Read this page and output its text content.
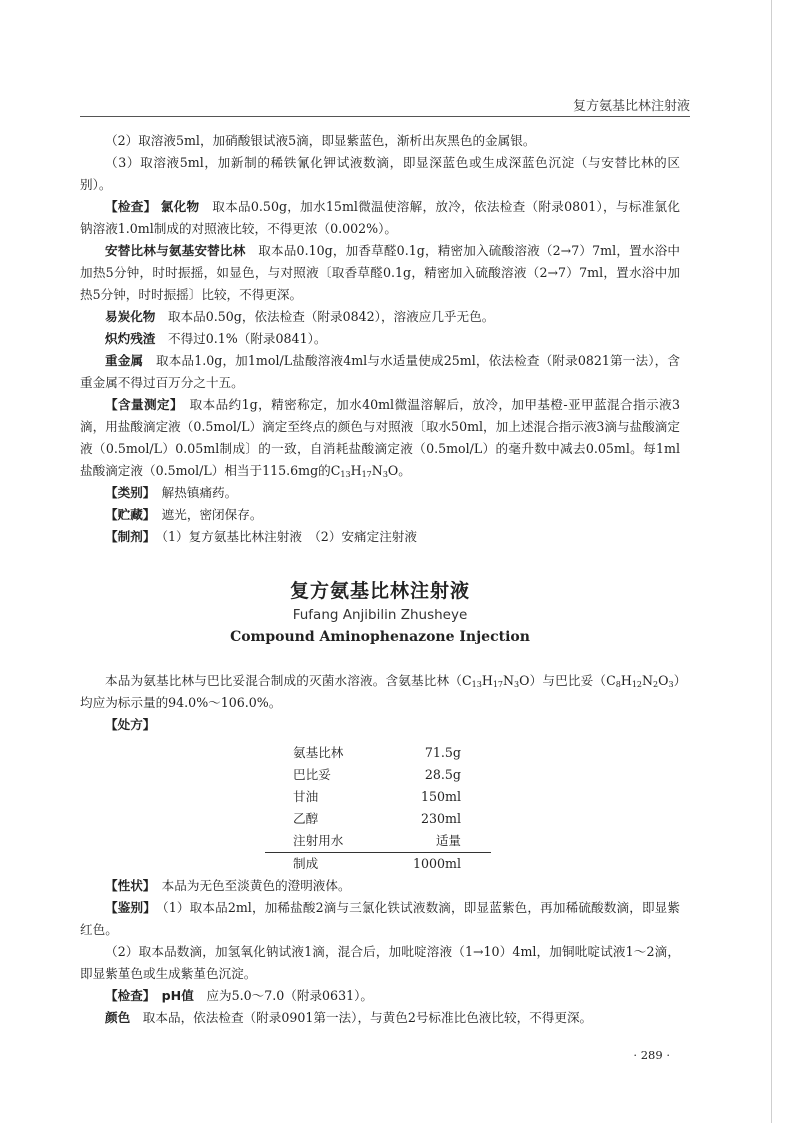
复方氨基比林注射液

（2）取溶液5ml，加硝酸银试液5滴，即显紫蓝色，渐析出灰黑色的金属银。

（3）取溶液5ml，加新制的稀铁氰化钾试液数滴，即显深蓝色或生成深蓝色沉淀（与安替比林的区别）。

【检查】 氯化物　 取本品0.50g，加水15ml微温使溶解，放冷，依法检查（附录0801），与标准氯化钠溶液1.0ml制成的对照液比较，不得更浓（0.002%）。

安替比林与氨基安替比林　 取本品0.10g，加香草醛0.1g，精密加入硫酸溶液（2→7）7ml，置水浴中加热5分钟，时时振摇，如显色，与对照液〔取香草醛0.1g，精密加入硫酸溶液（2→7）7ml，置水浴中加热5分钟，时时振摇〕比较，不得更深。

易炭化物　 取本品0.50g，依法检查（附录0842），溶液应几乎无色。

炽灼残渣　 不得过0.1%（附录0841）。

重金属　 取本品1.0g，加1mol/L盐酸溶液4ml与水适量使成25ml，依法检查（附录0821第一法），含重金属不得过百万分之十五。

【含量测定】　 取本品约1g，精密称定，加水40ml微温溶解后，放冷，加甲基橙-亚甲蓝混合指示液3滴，用盐酸滴定液（0.5mol/L）滴定至终点的颜色与对照液〔取水50ml，加上述混合指示液3滴与盐酸滴定液（0.5mol/L）0.05ml制成〕的一致，自消耗盐酸滴定液（0.5mol/L）的毫升数中减去0.05ml。每1ml盐酸滴定液（0.5mol/L）相当于115.6mg的$C_{13}H_{17}N_3O$。

【类别】　 解热镇痛药。

【贮藏】　 遮光，密闭保存。

【制剂】　 （1）复方氨基比林注射液　（2）安痛定注射液

复方氨基比林注射液
Fufang Anjibilin Zhusheye
Compound Aminophenazone Injection

本品为氨基比林与巴比妥混合制成的灭菌水溶液。含氨基比林$(C_{13}H_{17}N_3O)$与巴比妥$(C_8H_{12}N_2O_3)$均应为标示量的94.0%～106.0%。

【处方】

氨基比林	71.5g
巴比妥	28.5g
甘油	150ml
乙醇	230ml
注射用水	适量
制成	1000ml

【性状】　 本品为无色至淡黄色的澄明液体。

【鉴别】　 （1）取本品2ml，加稀盐酸2滴与三氯化铁试液数滴，即显蓝紫色，再加稀硫酸数滴，即显紫红色。

（2）取本品数滴，加氢氧化钠试液1滴，混合后，加吡啶溶液（1→10）4ml，加铜吡啶试液1～2滴，即显紫堇色或生成紫堇色沉淀。

【检查】　 pH值　 应为5.0～7.0（附录0631）。

颜色　 取本品，依法检查（附录0901第一法），与黄色2号标准比色液比较，不得更深。

· 289 ·
